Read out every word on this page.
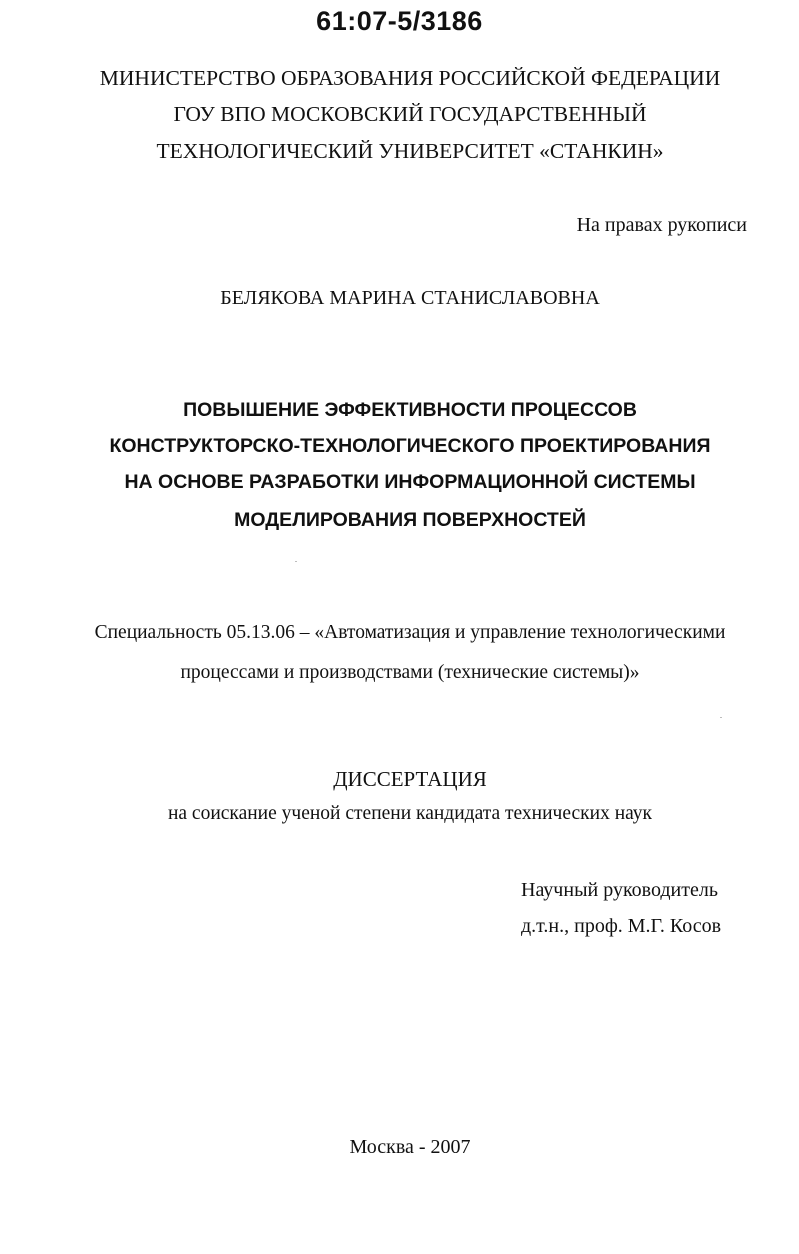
61:07-5/3186
МИНИСТЕРСТВО ОБРАЗОВАНИЯ РОССИЙСКОЙ ФЕДЕРАЦИИ
ГОУ ВПО МОСКОВСКИЙ ГОСУДАРСТВЕННЫЙ
ТЕХНОЛОГИЧЕСКИЙ УНИВЕРСИТЕТ «СТАНКИН»
На правах рукописи
БЕЛЯКОВА МАРИНА СТАНИСЛАВОВНА
ПОВЫШЕНИЕ ЭФФЕКТИВНОСТИ ПРОЦЕССОВ
КОНСТРУКТОРСКО-ТЕХНОЛОГИЧЕСКОГО ПРОЕКТИРОВАНИЯ
НА ОСНОВЕ РАЗРАБОТКИ ИНФОРМАЦИОННОЙ СИСТЕМЫ
МОДЕЛИРОВАНИЯ ПОВЕРХНОСТЕЙ
Специальность 05.13.06 – «Автоматизация и управление технологическими
процессами и производствами (технические системы)»
ДИССЕРТАЦИЯ
на соискание ученой степени кандидата технических наук
Научный руководитель
д.т.н., проф. М.Г. Косов
Москва - 2007
